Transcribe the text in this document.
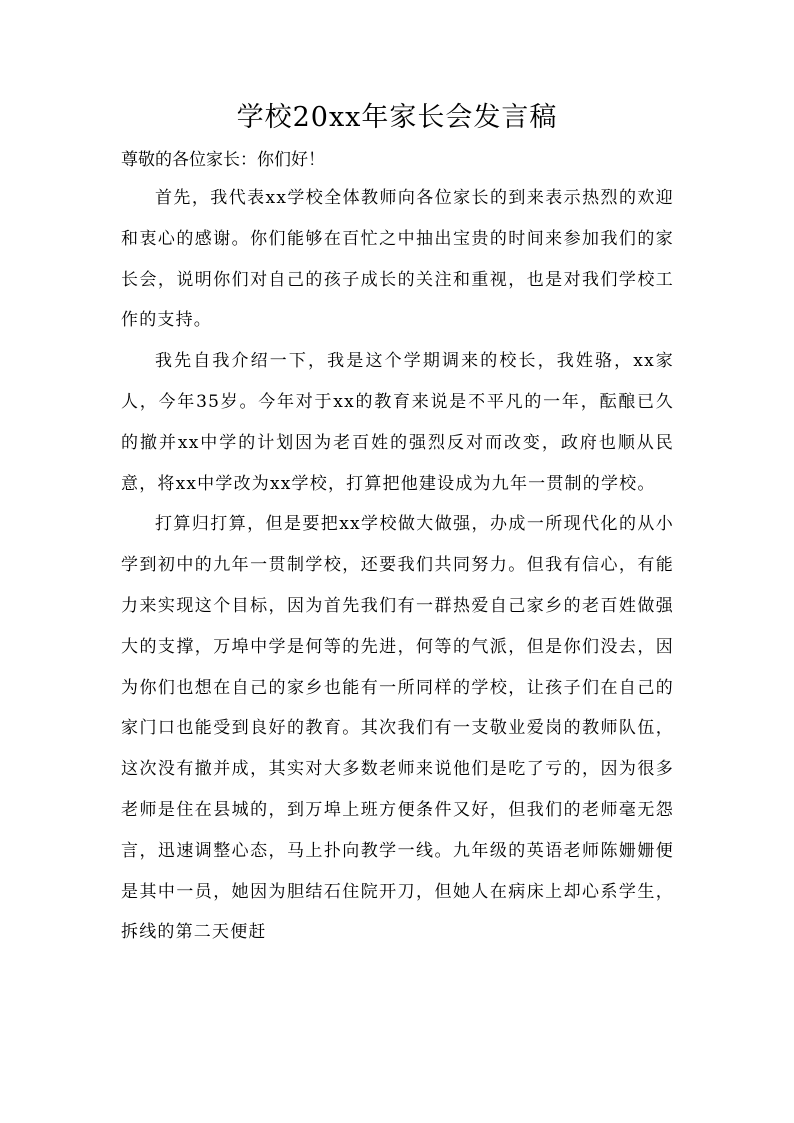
学校20xx年家长会发言稿

尊敬的各位家长：你们好！

首先，我代表xx学校全体教师向各位家长的到来表示热烈的欢迎和衷心的感谢。你们能够在百忙之中抽出宝贵的时间来参加我们的家长会，说明你们对自己的孩子成长的关注和重视，也是对我们学校工作的支持。

我先自我介绍一下，我是这个学期调来的校长，我姓骆，xx家人，今年35岁。今年对于xx的教育来说是不平凡的一年，酝酿已久的撤并xx中学的计划因为老百姓的强烈反对而改变，政府也顺从民意，将xx中学改为xx学校，打算把他建设成为九年一贯制的学校。

打算归打算，但是要把xx学校做大做强，办成一所现代化的从小学到初中的九年一贯制学校，还要我们共同努力。但我有信心，有能力来实现这个目标，因为首先我们有一群热爱自己家乡的老百姓做强大的支撑，万埠中学是何等的先进，何等的气派，但是你们没去，因为你们也想在自己的家乡也能有一所同样的学校，让孩子们在自己的家门口也能受到良好的教育。其次我们有一支敬业爱岗的教师队伍，这次没有撤并成，其实对大多数老师来说他们是吃了亏的，因为很多老师是住在县城的，到万埠上班方便条件又好，但我们的老师毫无怨言，迅速调整心态，马上扑向教学一线。九年级的英语老师陈姗姗便是其中一员，她因为胆结石住院开刀，但她人在病床上却心系学生，拆线的第二天便赶
